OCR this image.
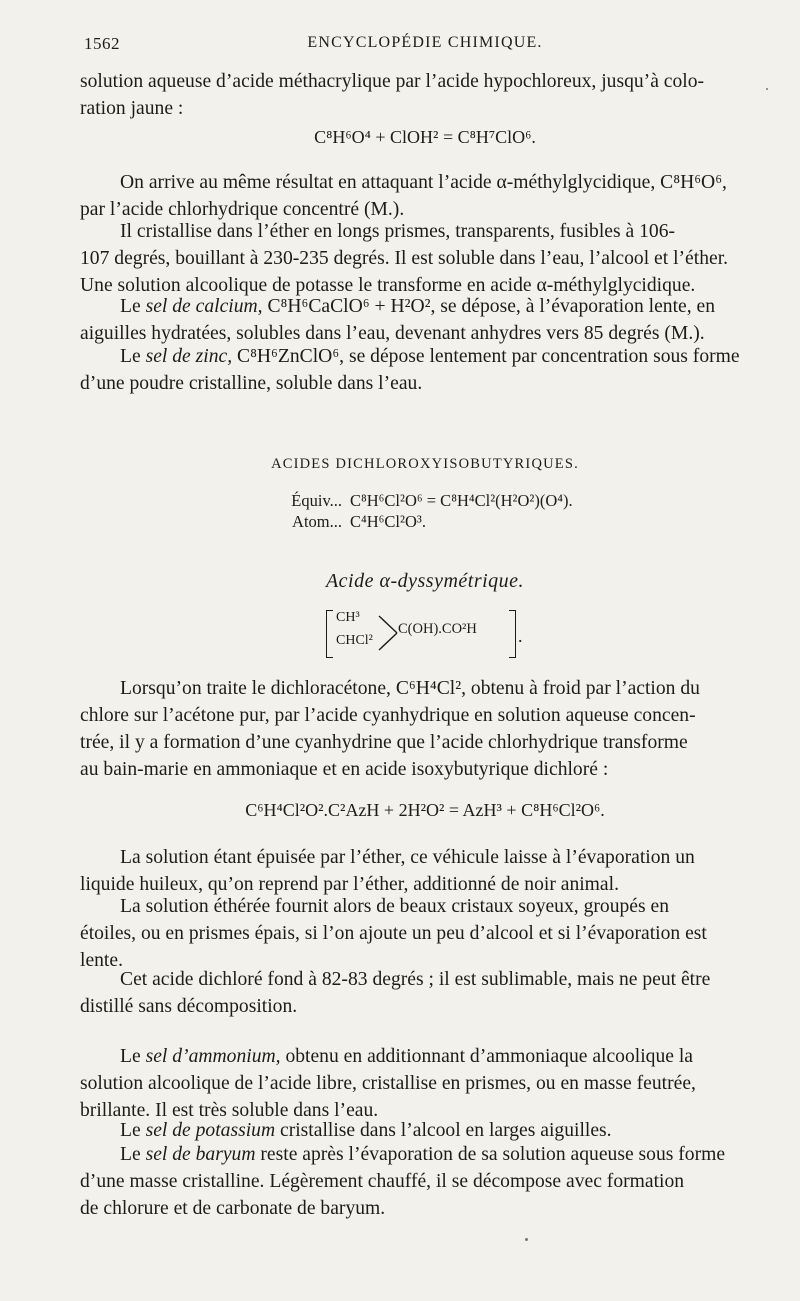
1562	ENCYCLOPÉDIE CHIMIQUE.
solution aqueuse d’acide méthacrylique par l’acide hypochloreux, jusqu’à colo-
ration jaune :
C⁸H⁶O⁴ + ClOH² = C⁸H⁷ClO⁶.
On arrive au même résultat en attaquant l’acide α-méthylglycidique, C⁸H⁶O⁶,
par l’acide chlorhydrique concentré (M.).
Il cristallise dans l’éther en longs prismes, transparents, fusibles à 106-
107 degrés, bouillant à 230-235 degrés. Il est soluble dans l’eau, l’alcool et l’éther.
Une solution alcoolique de potasse le transforme en acide α-méthylglycidique.
Le sel de calcium, C⁸H⁶CaClO⁶ + H²O², se dépose, à l’évaporation lente, en
aiguilles hydratées, solubles dans l’eau, devenant anhydres vers 85 degrés (M.).
Le sel de zinc, C⁸H⁶ZnClO⁶, se dépose lentement par concentration sous forme
d’une poudre cristalline, soluble dans l’eau.
ACIDES DICHLOROXYISOBUTYRIQUES.
Équiv... C⁸H⁶Cl²O⁶ = C⁸H⁴Cl²(H²O²)(O⁴).
Atom... C⁴H⁶Cl²O³.
Acide α-dyssymétrique.
CH³
CHCl²
C(OH).CO²H .
Lorsqu’on traite le dichloracétone, C⁶H⁴Cl², obtenu à froid par l’action du
chlore sur l’acétone pur, par l’acide cyanhydrique en solution aqueuse concen-
trée, il y a formation d’une cyanhydrine que l’acide chlorhydrique transforme
au bain-marie en ammoniaque et en acide isoxybutyrique dichloré :
C⁶H⁴Cl²O².C²AzH + 2H²O² = AzH³ + C⁸H⁶Cl²O⁶.
La solution étant épuisée par l’éther, ce véhicule laisse à l’évaporation un
liquide huileux, qu’on reprend par l’éther, additionné de noir animal.
La solution éthérée fournit alors de beaux cristaux soyeux, groupés en
étoiles, ou en prismes épais, si l’on ajoute un peu d’alcool et si l’évaporation est
lente.
Cet acide dichloré fond à 82-83 degrés ; il est sublimable, mais ne peut être
distillé sans décomposition.
Le sel d’ammonium, obtenu en additionnant d’ammoniaque alcoolique la
solution alcoolique de l’acide libre, cristallise en prismes, ou en masse feutrée,
brillante. Il est très soluble dans l’eau.
Le sel de potassium cristallise dans l’alcool en larges aiguilles.
Le sel de baryum reste après l’évaporation de sa solution aqueuse sous forme
d’une masse cristalline. Légèrement chauffé, il se décompose avec formation
de chlorure et de carbonate de baryum.
